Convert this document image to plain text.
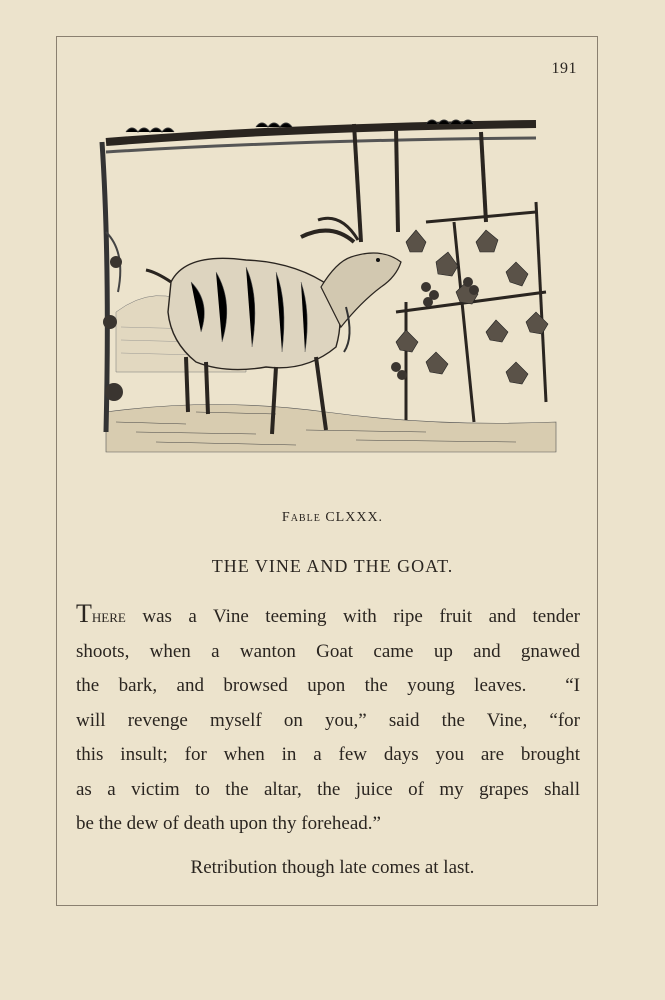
191
Fable CLXXX.
THE VINE AND THE GOAT.
There was a Vine teeming with ripe fruit and tender
shoots, when a wanton Goat came up and gnawed
the bark, and browsed upon the young leaves.  “I
will revenge myself on you,” said the Vine, “for
this insult; for when in a few days you are brought
as a victim to the altar, the juice of my grapes shall
be the dew of death upon thy forehead.”
Retribution though late comes at last.
